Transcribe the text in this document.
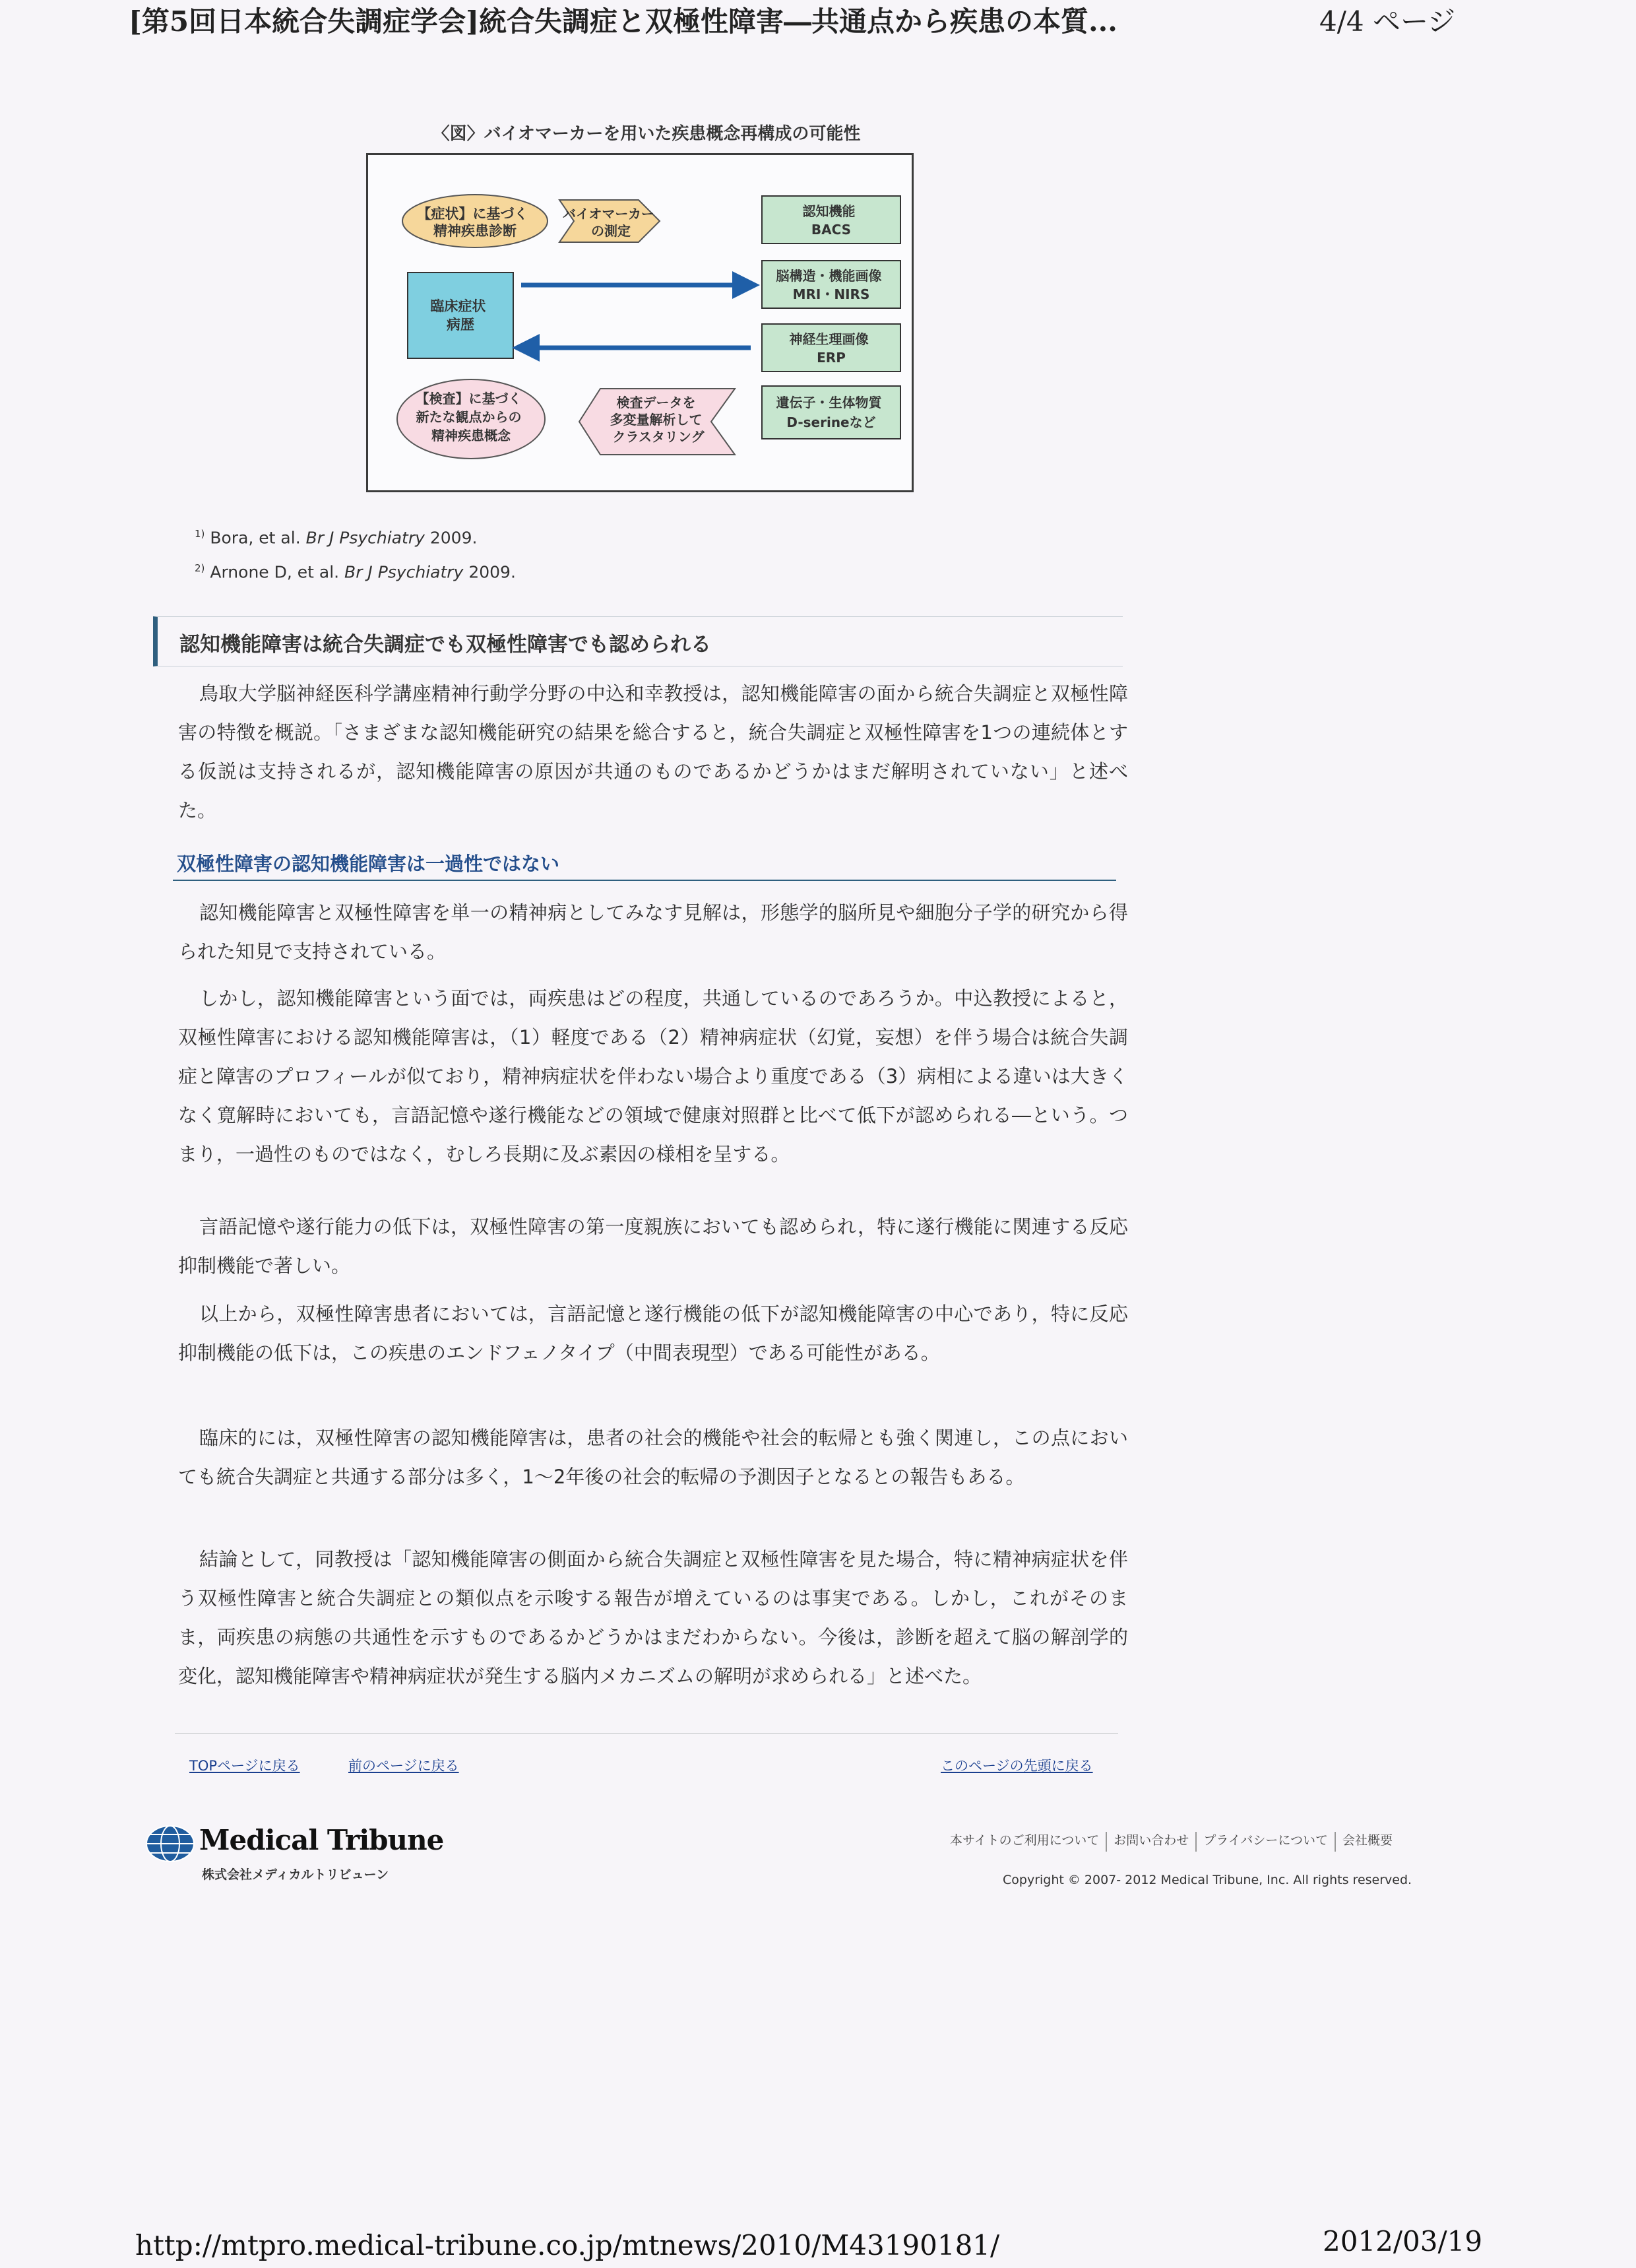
[第5回日本統合失調症学会]統合失調症と双極性障害―共通点から疾患の本質...	4/4 ページ
〈図〉バイオマーカーを用いた疾患概念再構成の可能性
【症状】に基づく 精神疾患診断
バイオマーカー の測定
臨床症状 病歴
認知機能 BACS
脳構造・機能画像 MRI・NIRS
神経生理画像 ERP
遺伝子・生体物質 D-serineなど
【検査】に基づく 新たな観点からの 精神疾患概念
検査データを 多変量解析して クラスタリング
$^{1)}$ Bora, et al. Br J Psychiatry 2009.
$^{2)}$ Arnone D, et al. Br J Psychiatry 2009.
認知機能障害は統合失調症でも双極性障害でも認められる
鳥取大学脳神経医科学講座精神行動学分野の中込和幸教授は，認知機能障害の面から統合失調症と双極性障害の特徴を概説。「さまざまな認知機能研究の結果を総合すると，統合失調症と双極性障害を1つの連続体とする仮説は支持されるが，認知機能障害の原因が共通のものであるかどうかはまだ解明されていない」と述べた。
双極性障害の認知機能障害は一過性ではない
認知機能障害と双極性障害を単一の精神病としてみなす見解は，形態学的脳所見や細胞分子学的研究から得られた知見で支持されている。
しかし，認知機能障害という面では，両疾患はどの程度，共通しているのであろうか。中込教授によると，双極性障害における認知機能障害は，（1）軽度である（2）精神病症状（幻覚，妄想）を伴う場合は統合失調症と障害のプロフィールが似ており，精神病症状を伴わない場合より重度である（3）病相による違いは大きくなく寛解時においても，言語記憶や遂行機能などの領域で健康対照群と比べて低下が認められる―という。つまり，一過性のものではなく，むしろ長期に及ぶ素因の様相を呈する。
言語記憶や遂行能力の低下は，双極性障害の第一度親族においても認められ，特に遂行機能に関連する反応抑制機能で著しい。
以上から，双極性障害患者においては，言語記憶と遂行機能の低下が認知機能障害の中心であり，特に反応抑制機能の低下は，この疾患のエンドフェノタイプ（中間表現型）である可能性がある。
臨床的には，双極性障害の認知機能障害は，患者の社会的機能や社会的転帰とも強く関連し，この点においても統合失調症と共通する部分は多く，1～2年後の社会的転帰の予測因子となるとの報告もある。
結論として，同教授は「認知機能障害の側面から統合失調症と双極性障害を見た場合，特に精神病症状を伴う双極性障害と統合失調症との類似点を示唆する報告が増えているのは事実である。しかし，これがそのまま，両疾患の病態の共通性を示すものであるかどうかはまだわからない。今後は，診断を超えて脳の解剖学的変化，認知機能障害や精神病症状が発生する脳内メカニズムの解明が求められる」と述べた。
TOPページに戻る	前のページに戻る	このページの先頭に戻る
Medical Tribune
株式会社メディカルトリビューン
本サイトのご利用について	お問い合わせ	プライバシーについて	会社概要
Copyright © 2007- 2012 Medical Tribune, Inc. All rights reserved.
http://mtpro.medical-tribune.co.jp/mtnews/2010/M43190181/	2012/03/19
